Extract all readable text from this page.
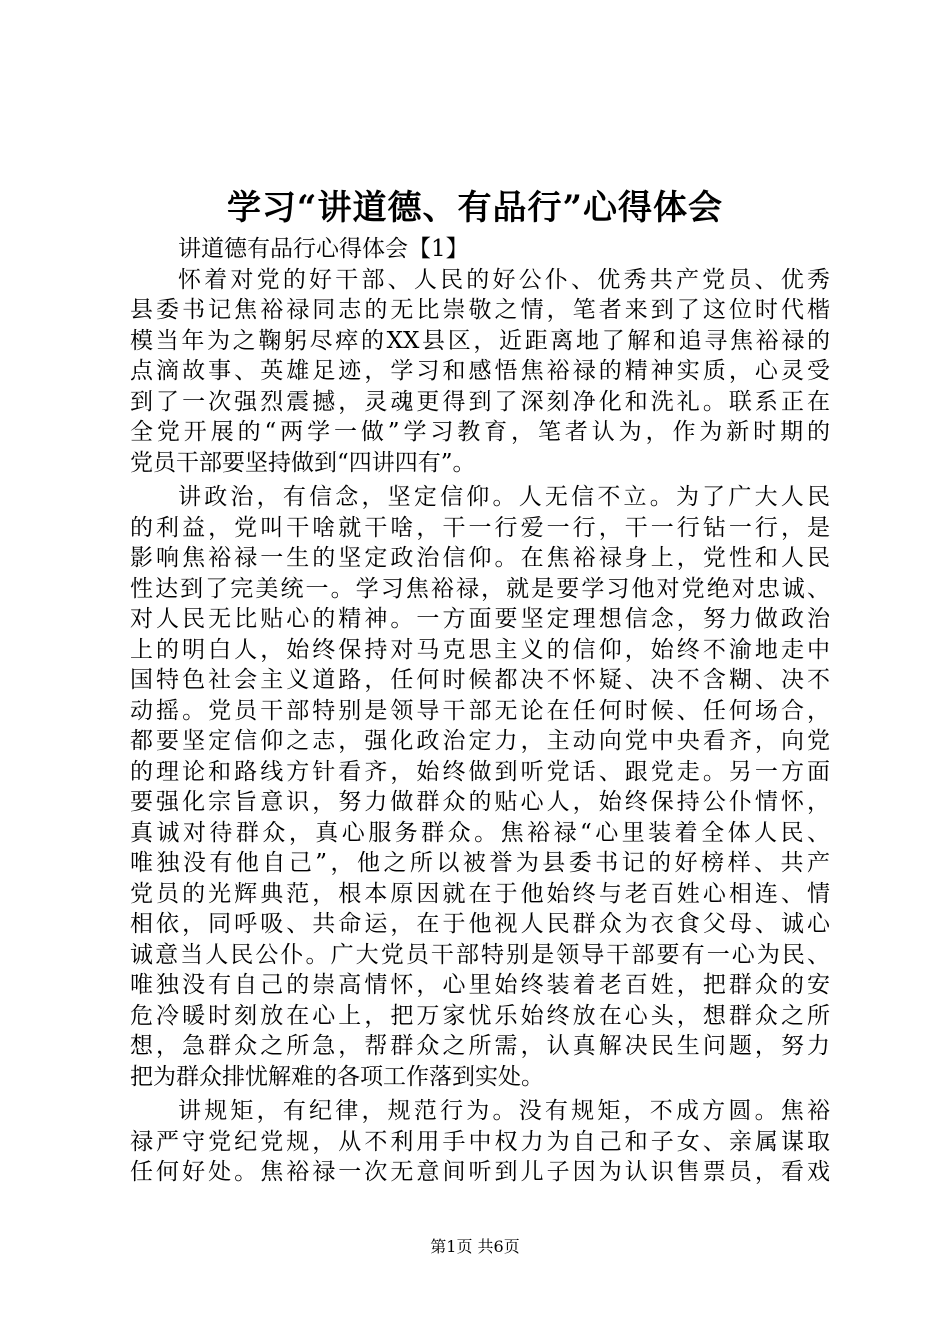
学习“讲道德、有品行”心得体会
讲道德有品行心得体会【1】
怀着对党的好干部、人民的好公仆、优秀共产党员、优秀
县委书记焦裕禄同志的无比崇敬之情，笔者来到了这位时代楷
模当年为之鞠躬尽瘁的XX县区，近距离地了解和追寻焦裕禄的
点滴故事、英雄足迹，学习和感悟焦裕禄的精神实质，心灵受
到了一次强烈震撼，灵魂更得到了深刻净化和洗礼。联系正在
全党开展的“两学一做”学习教育，笔者认为，作为新时期的
党员干部要坚持做到“四讲四有”。
讲政治，有信念，坚定信仰。人无信不立。为了广大人民
的利益，党叫干啥就干啥，干一行爱一行，干一行钻一行，是
影响焦裕禄一生的坚定政治信仰。在焦裕禄身上，党性和人民
性达到了完美统一。学习焦裕禄，就是要学习他对党绝对忠诚、
对人民无比贴心的精神。一方面要坚定理想信念，努力做政治
上的明白人，始终保持对马克思主义的信仰，始终不渝地走中
国特色社会主义道路，任何时候都决不怀疑、决不含糊、决不
动摇。党员干部特别是领导干部无论在任何时候、任何场合，
都要坚定信仰之志，强化政治定力，主动向党中央看齐，向党
的理论和路线方针看齐，始终做到听党话、跟党走。另一方面
要强化宗旨意识，努力做群众的贴心人，始终保持公仆情怀，
真诚对待群众，真心服务群众。焦裕禄“心里装着全体人民、
唯独没有他自己”，他之所以被誉为县委书记的好榜样、共产
党员的光辉典范，根本原因就在于他始终与老百姓心相连、情
相依，同呼吸、共命运，在于他视人民群众为衣食父母、诚心
诚意当人民公仆。广大党员干部特别是领导干部要有一心为民、
唯独没有自己的崇高情怀，心里始终装着老百姓，把群众的安
危冷暖时刻放在心上，把万家忧乐始终放在心头，想群众之所
想，急群众之所急，帮群众之所需，认真解决民生问题，努力
把为群众排忧解难的各项工作落到实处。
讲规矩，有纪律，规范行为。没有规矩，不成方圆。焦裕
禄严守党纪党规，从不利用手中权力为自己和子女、亲属谋取
任何好处。焦裕禄一次无意间听到儿子因为认识售票员，看戏
第1页 共6页
